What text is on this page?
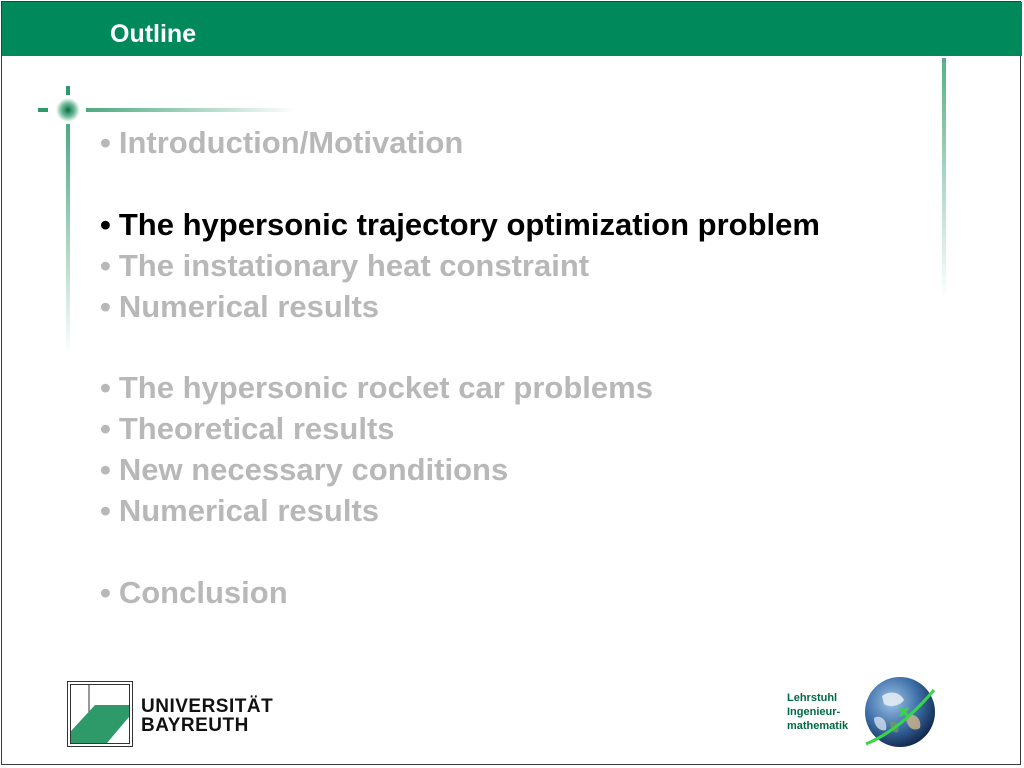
Outline
• Introduction/Motivation
• The hypersonic trajectory optimization problem
• The instationary heat constraint
• Numerical results
• The hypersonic rocket car problems
• Theoretical results
• New necessary conditions
• Numerical results
• Conclusion
UNIVERSITÄT
BAYREUTH
Lehrstuhl
Ingenieur-
mathematik
